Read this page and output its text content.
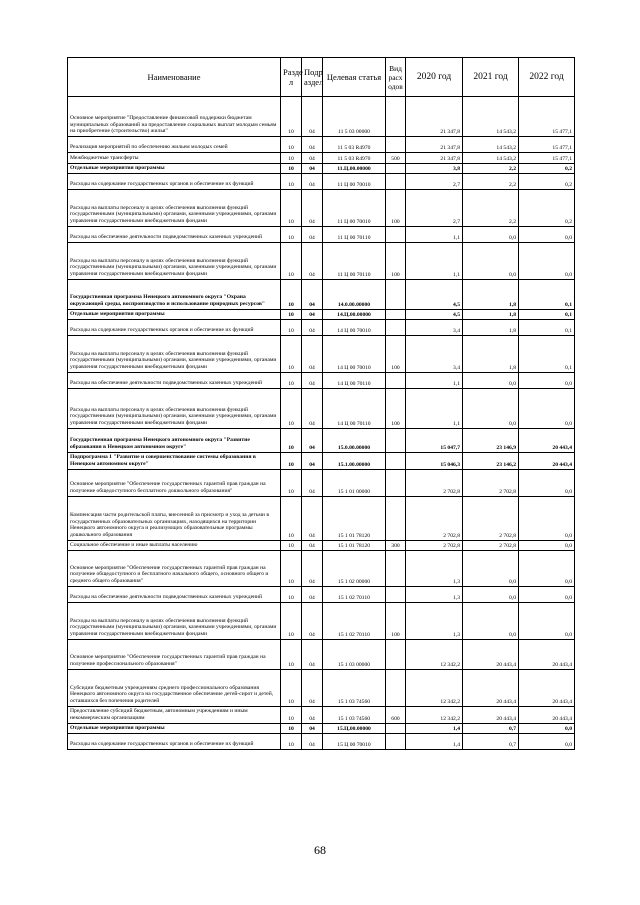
Наименование	Разде л	Подр аздел	Целевая статья	Вид расх одов	2020 год	2021 год	2022 год
Основное мероприятие "Предоставление финансовой поддержки бюджетам муниципальных образований на предоставление социальных выплат молодым семьям на приобретение (строительство) жилья"	10	04	11 5 03 00000		21 347,8	14 543,2	15 477,1
Реализация мероприятий по обеспечению жильем молодых семей	10	04	11 5 03 R4970		21 347,8	14 543,2	15 477,1
Межбюджетные трансферты	10	04	11 5 03 R4970	500	21 347,8	14 543,2	15 477,1
Отдельные мероприятия программы	10	04	11.Ц.00.00000		3,8	2,2	0,2
Расходы на содержание государственных органов и обеспечение их функций	10	04	11 Ц 00 70010		2,7	2,2	0,2
Расходы на выплаты персоналу в целях обеспечения выполнения функций государственными (муниципальными) органами, казенными учреждениями, органами управления государственными внебюджетными фондами	10	04	11 Ц 00 70010	100	2,7	2,2	0,2
Расходы на обеспечение деятельности подведомственных казенных учреждений	10	04	11 Ц 00 70110		1,1	0,0	0,0
Расходы на выплаты персоналу в целях обеспечения выполнения функций государственными (муниципальными) органами, казенными учреждениями, органами управления государственными внебюджетными фондами	10	04	11 Ц 00 70110	100	1,1	0,0	0,0
Государственная программа Ненецкого автономного округа "Охрана окружающей среды, воспроизводство и использование природных ресурсов"	10	04	14.0.00.00000		4,5	1,8	0,1
Отдельные мероприятия программы	10	04	14.Ц.00.00000		4,5	1,8	0,1
Расходы на содержание государственных органов и обеспечение их функций	10	04	14 Ц 00 70010		3,4	1,8	0,1
Расходы на выплаты персоналу в целях обеспечения выполнения функций государственными (муниципальными) органами, казенными учреждениями, органами управления государственными внебюджетными фондами	10	04	14 Ц 00 70010	100	3,4	1,8	0,1
Расходы на обеспечение деятельности подведомственных казенных учреждений	10	04	14 Ц 00 70110		1,1	0,0	0,0
Расходы на выплаты персоналу в целях обеспечения выполнения функций государственными (муниципальными) органами, казенными учреждениями, органами управления государственными внебюджетными фондами	10	04	14 Ц 00 70110	100	1,1	0,0	0,0
Государственная программа Ненецкого автономного округа "Развитие образования в Ненецком автономном округе"	10	04	15.0.00.00000		15 047,7	23 146,9	20 443,4
Подпрограмма 1 "Развитие и совершенствование системы образования в Ненецком автономном округе"	10	04	15.1.00.00000		15 046,3	23 146,2	20 443,4
Основное мероприятие "Обеспечение государственных гарантий прав граждан на получение общедоступного бесплатного дошкольного образования"	10	04	15 1 01 00000		2 702,8	2 702,8	0,0
Компенсация части родительской платы, внесенной за присмотр и уход за детьми в государственных образовательных организациях, находящихся на территории Ненецкого автономного округа и реализующих образовательные программы дошкольного образования	10	04	15 1 01 78120		2 702,8	2 702,8	0,0
Социальное обеспечение и иные выплаты населению	10	04	15 1 01 78120	300	2 702,8	2 702,8	0,0
Основное мероприятие "Обеспечение государственных гарантий прав граждан на получение общедоступного и бесплатного начального общего, основного общего и среднего общего образования"	10	04	15 1 02 00000		1,3	0,0	0,0
Расходы на обеспечение деятельности подведомственных казенных учреждений	10	04	15 1 02 70110		1,3	0,0	0,0
Расходы на выплаты персоналу в целях обеспечения выполнения функций государственными (муниципальными) органами, казенными учреждениями, органами управления государственными внебюджетными фондами	10	04	15 1 02 70110	100	1,3	0,0	0,0
Основное мероприятие "Обеспечение государственных гарантий прав граждан на получение профессионального образования"	10	04	15 1 03 00000		12 342,2	20 443,4	20 443,4
Субсидии бюджетным учреждениям среднего профессионального образования Ненецкого автономного округа на государственное обеспечение детей-сирот и детей, оставшихся без попечения родителей	10	04	15 1 03 74560		12 342,2	20 443,4	20 443,4
Предоставление субсидий бюджетным, автономным учреждениям и иным некоммерческим организациям	10	04	15 1 03 74560	600	12 342,2	20 443,4	20 443,4
Отдельные мероприятия программы	10	04	15.Ц.00.00000		1,4	0,7	0,0
Расходы на содержание государственных органов и обеспечение их функций	10	04	15 Ц 00 70010		1,4	0,7	0,0
68
